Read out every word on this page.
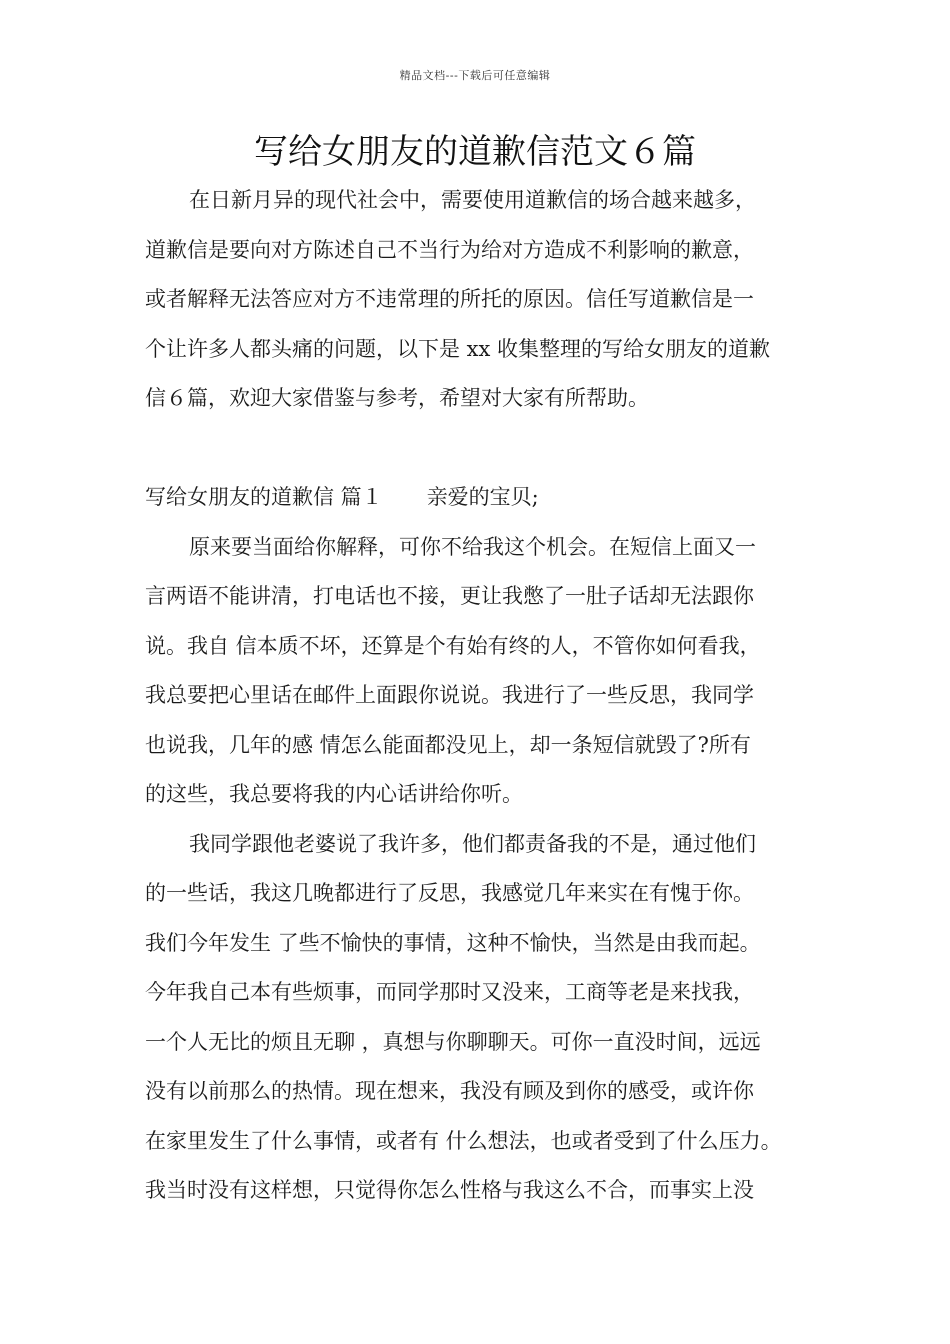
精品文档---下载后可任意编辑
写给女朋友的道歉信范文６篇
在日新月异的现代社会中，需要使用道歉信的场合越来越多，
道歉信是要向对方陈述自己不当行为给对方造成不利影响的歉意，
或者解释无法答应对方不违常理的所托的原因。信任写道歉信是一
个让许多人都头痛的问题，以下是 xx 收集整理的写给女朋友的道歉
信６篇，欢迎大家借鉴与参考，希望对大家有所帮助。
写给女朋友的道歉信 篇１ 亲爱的宝贝;
原来要当面给你解释，可你不给我这个机会。在短信上面又一
言两语不能讲清，打电话也不接，更让我憋了一肚子话却无法跟你
说。我自 信本质不坏，还算是个有始有终的人，不管你如何看我，
我总要把心里话在邮件上面跟你说说。我进行了一些反思，我同学
也说我，几年的感 情怎么能面都没见上，却一条短信就毁了?所有
的这些，我总要将我的内心话讲给你听。
我同学跟他老婆说了我许多，他们都责备我的不是，通过他们
的一些话，我这几晚都进行了反思，我感觉几年来实在有愧于你。
我们今年发生 了些不愉快的事情，这种不愉快，当然是由我而起。
今年我自己本有些烦事，而同学那时又没来，工商等老是来找我，
一个人无比的烦且无聊 ，真想与你聊聊天。可你一直没时间，远远
没有以前那么的热情。现在想来，我没有顾及到你的感受，或许你
在家里发生了什么事情，或者有 什么想法，也或者受到了什么压力。
我当时没有这样想，只觉得你怎么性格与我这么不合，而事实上没
